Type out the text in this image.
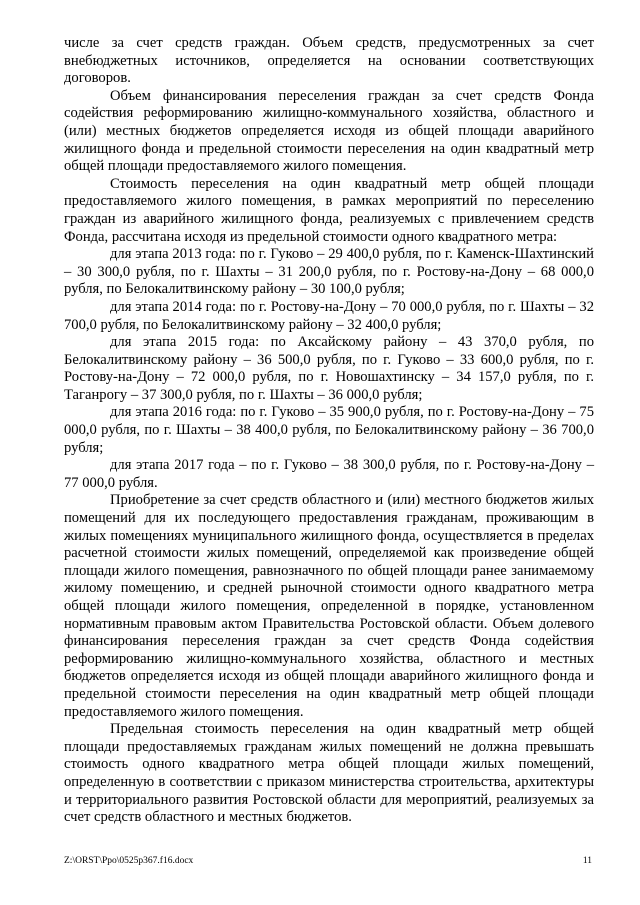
числе за счет средств граждан. Объем средств, предусмотренных за счет внебюджетных источников, определяется на основании соответствующих договоров.

Объем финансирования переселения граждан за счет средств Фонда содействия реформированию жилищно-коммунального хозяйства, областного и (или) местных бюджетов определяется исходя из общей площади аварийного жилищного фонда и предельной стоимости переселения на один квадратный метр общей площади предоставляемого жилого помещения.

Стоимость переселения на один квадратный метр общей площади предоставляемого жилого помещения, в рамках мероприятий по переселению граждан из аварийного жилищного фонда, реализуемых с привлечением средств Фонда, рассчитана исходя из предельной стоимости одного квадратного метра:

для этапа 2013 года: по г. Гуково – 29 400,0 рубля, по г. Каменск-Шахтинский – 30 300,0 рубля, по г. Шахты – 31 200,0 рубля, по г. Ростову-на-Дону – 68 000,0 рубля, по Белокалитвинскому району – 30 100,0 рубля;

для этапа 2014 года: по г. Ростову-на-Дону – 70 000,0 рубля, по г. Шахты – 32 700,0 рубля, по Белокалитвинскому району – 32 400,0 рубля;

для этапа 2015 года: по Аксайскому району – 43 370,0 рубля, по Белокалитвинскому району – 36 500,0 рубля, по г. Гуково – 33 600,0 рубля, по г. Ростову-на-Дону – 72 000,0 рубля, по г. Новошахтинску – 34 157,0 рубля, по г. Таганрогу – 37 300,0 рубля, по г. Шахты – 36 000,0 рубля;

для этапа 2016 года: по г. Гуково – 35 900,0 рубля, по г. Ростову-на-Дону – 75 000,0 рубля, по г. Шахты – 38 400,0 рубля, по Белокалитвинскому району – 36 700,0 рубля;

для этапа 2017 года – по г. Гуково – 38 300,0 рубля, по г. Ростову-на-Дону – 77 000,0 рубля.

Приобретение за счет средств областного и (или) местного бюджетов жилых помещений для их последующего предоставления гражданам, проживающим в жилых помещениях муниципального жилищного фонда, осуществляется в пределах расчетной стоимости жилых помещений, определяемой как произведение общей площади жилого помещения, равнозначного по общей площади ранее занимаемому жилому помещению, и средней рыночной стоимости одного квадратного метра общей площади жилого помещения, определенной в порядке, установленном нормативным правовым актом Правительства Ростовской области. Объем долевого финансирования переселения граждан за счет средств Фонда содействия реформированию жилищно-коммунального хозяйства, областного и местных бюджетов определяется исходя из общей площади аварийного жилищного фонда и предельной стоимости переселения на один квадратный метр общей площади предоставляемого жилого помещения.

Предельная стоимость переселения на один квадратный метр общей площади предоставляемых гражданам жилых помещений не должна превышать стоимость одного квадратного метра общей площади жилых помещений, определенную в соответствии с приказом министерства строительства, архитектуры и территориального развития Ростовской области для мероприятий, реализуемых за счет средств областного и местных бюджетов.

Z:\ORST\Ppo\0525p367.f16.docx	11
